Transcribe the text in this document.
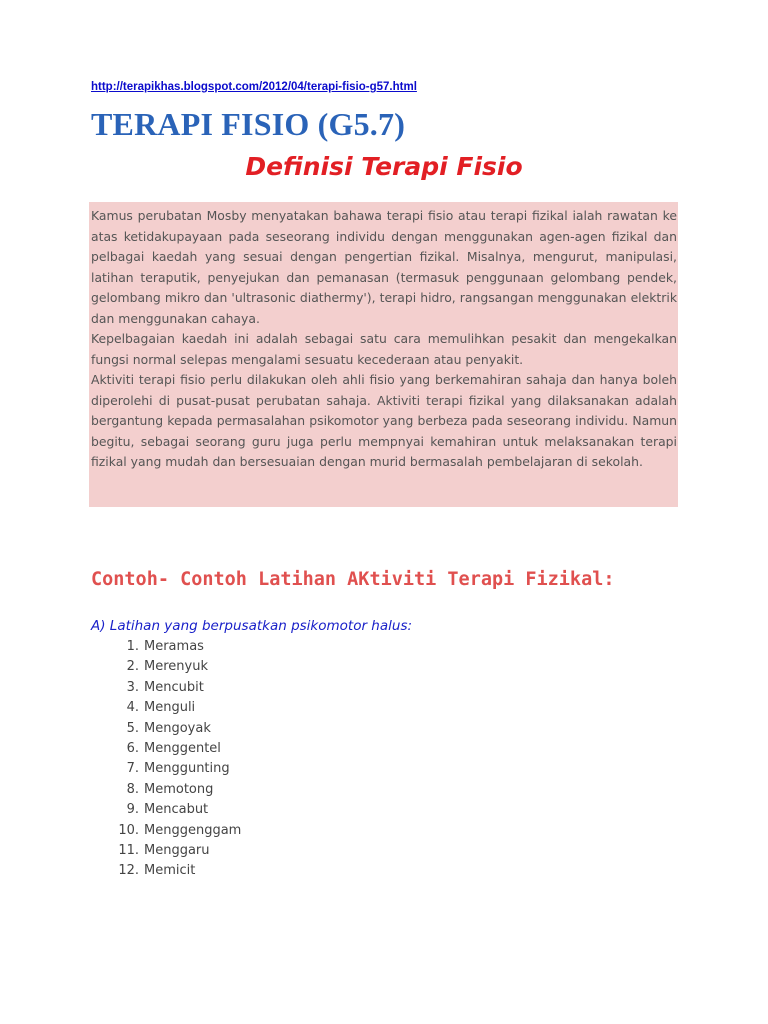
http://terapikhas.blogspot.com/2012/04/terapi-fisio-g57.html
TERAPI FISIO (G5.7)
Definisi Terapi Fisio

Kamus perubatan Mosby menyatakan bahawa terapi fisio atau terapi fizikal ialah rawatan ke atas ketidakupayaan pada seseorang individu dengan menggunakan agen-agen fizikal dan pelbagai kaedah yang sesuai dengan pengertian fizikal. Misalnya, mengurut, manipulasi, latihan teraputik, penyejukan dan pemanasan (termasuk penggunaan gelombang pendek, gelombang mikro dan 'ultrasonic diathermy'), terapi hidro, rangsangan menggunakan elektrik dan menggunakan cahaya.

Kepelbagaian kaedah ini adalah sebagai satu cara memulihkan pesakit dan mengekalkan fungsi normal selepas mengalami sesuatu kecederaan atau penyakit.

Aktiviti terapi fisio perlu dilakukan oleh ahli fisio yang berkemahiran sahaja dan hanya boleh diperolehi di pusat-pusat perubatan sahaja. Aktiviti terapi fizikal yang dilaksanakan adalah bergantung kepada permasalahan psikomotor yang berbeza pada seseorang individu. Namun begitu, sebagai seorang guru juga perlu mempnyai kemahiran untuk melaksanakan terapi fizikal yang mudah dan bersesuaian dengan murid bermasalah pembelajaran di sekolah.

Contoh- Contoh Latihan AKtiviti Terapi Fizikal:
A) Latihan yang berpusatkan psikomotor halus:
1. Meramas
2. Merenyuk
3. Mencubit
4. Menguli
5. Mengoyak
6. Menggentel
7. Menggunting
8. Memotong
9. Mencabut
10. Menggenggam
11. Menggaru
12. Memicit
